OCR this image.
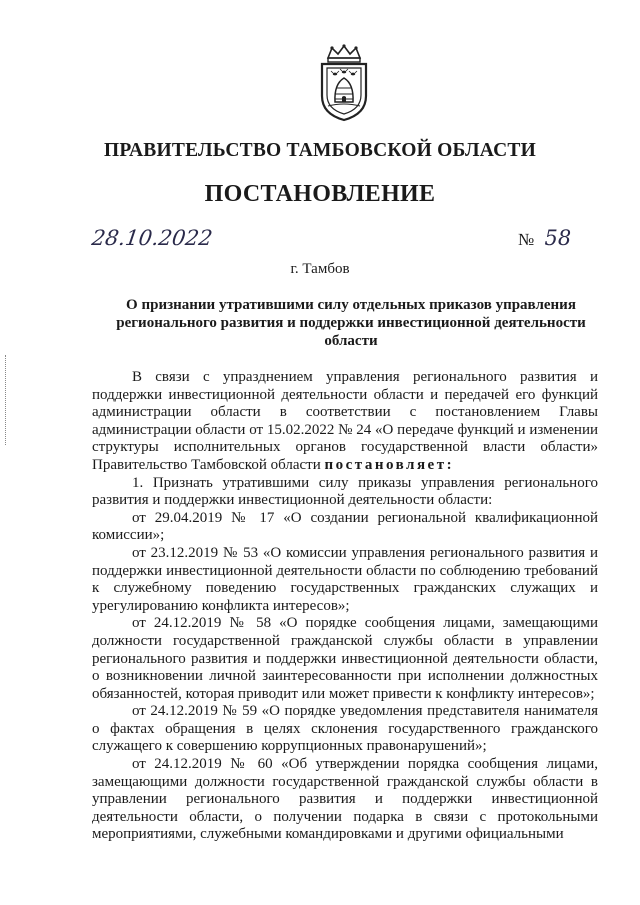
ПРАВИТЕЛЬСТВО ТАМБОВСКОЙ ОБЛАСТИ
ПОСТАНОВЛЕНИЕ
28.10.2022	№ 58
г. Тамбов
О признании утратившими силу отдельных приказов управления регионального развития и поддержки инвестиционной деятельности области

В связи с упразднением управления регионального развития и поддержки инвестиционной деятельности области и передачей его функций администрации области в соответствии с постановлением Главы администрации области от 15.02.2022 № 24 «О передаче функций и изменении структуры исполнительных органов государственной власти области» Правительство Тамбовской области постановляет:

1. Признать утратившими силу приказы управления регионального развития и поддержки инвестиционной деятельности области:

от 29.04.2019 № 17 «О создании региональной квалификационной комиссии»;

от 23.12.2019 № 53 «О комиссии управления регионального развития и поддержки инвестиционной деятельности области по соблюдению требований к служебному поведению государственных гражданских служащих и урегулированию конфликта интересов»;

от 24.12.2019 № 58 «О порядке сообщения лицами, замещающими должности государственной гражданской службы области в управлении регионального развития и поддержки инвестиционной деятельности области, о возникновении личной заинтересованности при исполнении должностных обязанностей, которая приводит или может привести к конфликту интересов»;

от 24.12.2019 № 59 «О порядке уведомления представителя нанимателя о фактах обращения в целях склонения государственного гражданского служащего к совершению коррупционных правонарушений»;

от 24.12.2019 № 60 «Об утверждении порядка сообщения лицами, замещающими должности государственной гражданской службы области в управлении регионального развития и поддержки инвестиционной деятельности области, о получении подарка в связи с протокольными мероприятиями, служебными командировками и другими официальными
